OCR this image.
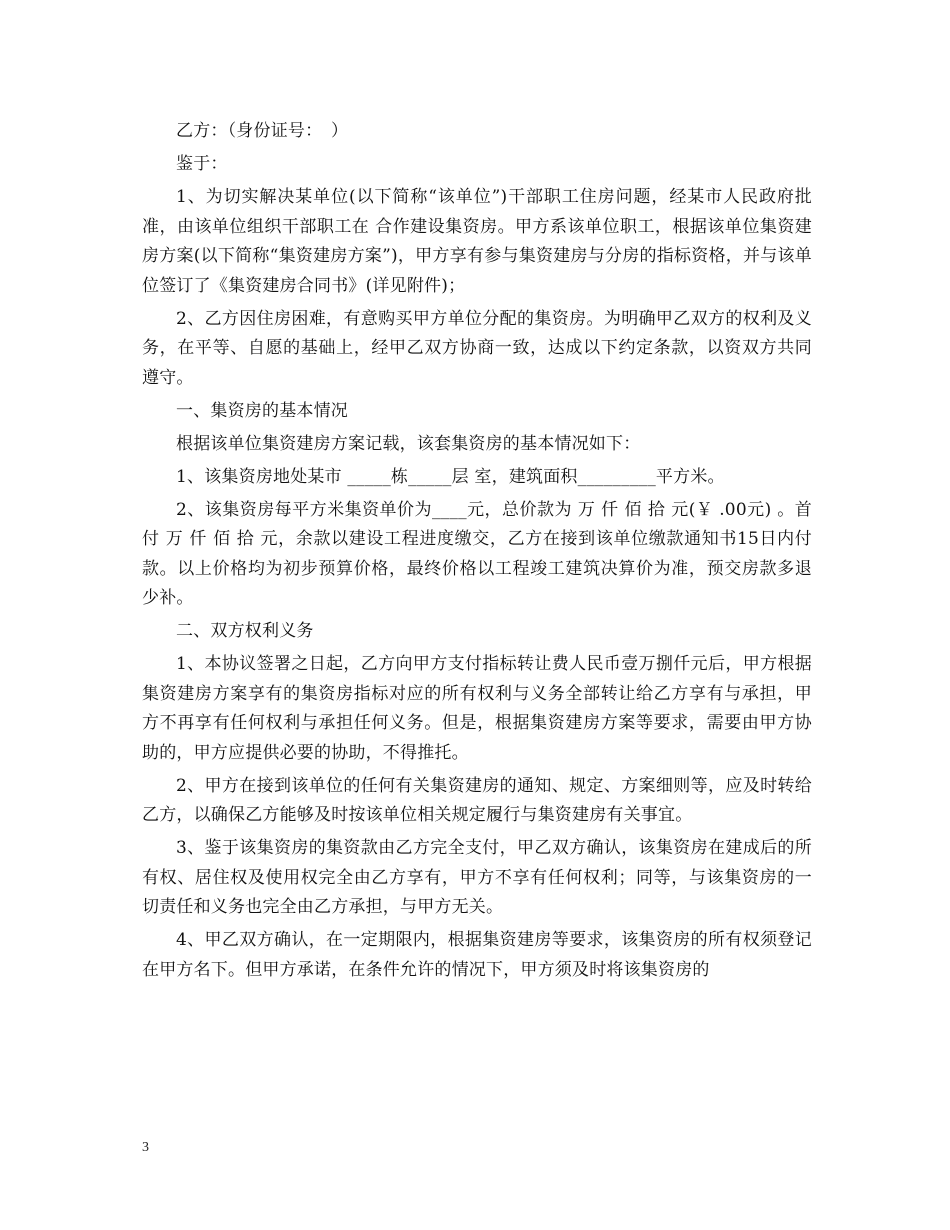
乙方：（身份证号：　）

鉴于：

1、为切实解决某单位(以下简称“该单位”)干部职工住房问题，经某市人民政府批准，由该单位组织干部职工在 合作建设集资房。甲方系该单位职工，根据该单位集资建房方案(以下简称“集资建房方案”)，甲方享有参与集资建房与分房的指标资格，并与该单位签订了《集资建房合同书》(详见附件)；

2、乙方因住房困难，有意购买甲方单位分配的集资房。为明确甲乙双方的权利及义务，在平等、自愿的基础上，经甲乙双方协商一致，达成以下约定条款，以资双方共同遵守。

一、集资房的基本情况

根据该单位集资建房方案记载，该套集资房的基本情况如下：

1、该集资房地处某市 _____栋_____层 室，建筑面积_________平方米。

2、该集资房每平方米集资单价为____元，总价款为 万 仟 佰 拾 元(￥ .00元) 。首付 万 仟 佰 拾 元，余款以建设工程进度缴交，乙方在接到该单位缴款通知书15日内付款。以上价格均为初步预算价格，最终价格以工程竣工建筑决算价为准，预交房款多退少补。

二、双方权利义务

1、本协议签署之日起，乙方向甲方支付指标转让费人民币壹万捌仟元后，甲方根据集资建房方案享有的集资房指标对应的所有权利与义务全部转让给乙方享有与承担，甲方不再享有任何权利与承担任何义务。但是，根据集资建房方案等要求，需要由甲方协助的，甲方应提供必要的协助，不得推托。

2、甲方在接到该单位的任何有关集资建房的通知、规定、方案细则等，应及时转给乙方，以确保乙方能够及时按该单位相关规定履行与集资建房有关事宜。

3、鉴于该集资房的集资款由乙方完全支付，甲乙双方确认，该集资房在建成后的所有权、居住权及使用权完全由乙方享有，甲方不享有任何权利；同等，与该集资房的一切责任和义务也完全由乙方承担，与甲方无关。

4、甲乙双方确认，在一定期限内，根据集资建房等要求，该集资房的所有权须登记在甲方名下。但甲方承诺，在条件允许的情况下，甲方须及时将该集资房的

3
